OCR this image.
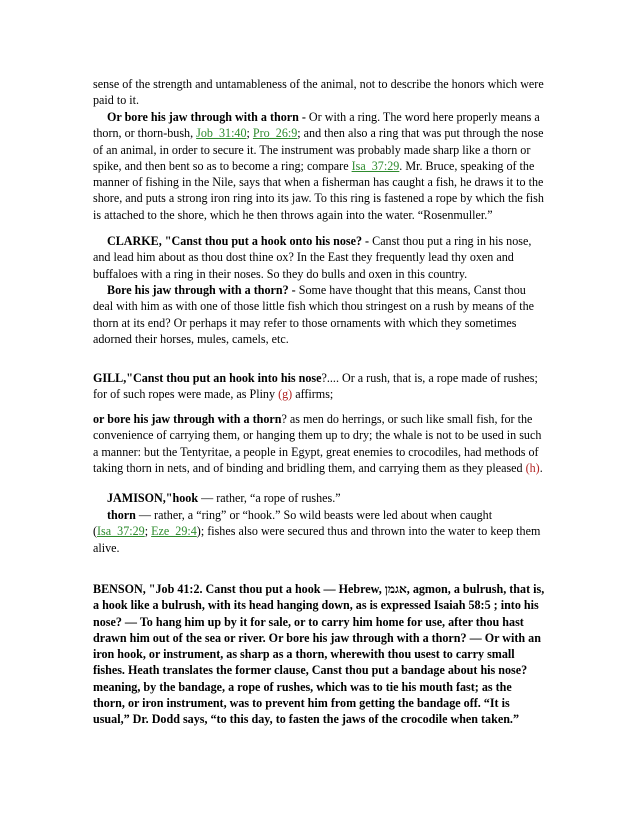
sense of the strength and untamableness of the animal, not to describe the honors which were paid to it.

Or bore his jaw through with a thorn - Or with a ring. The word here properly means a thorn, or thorn-bush, Job_31:40; Pro_26:9; and then also a ring that was put through the nose of an animal, in order to secure it. The instrument was probably made sharp like a thorn or spike, and then bent so as to become a ring; compare Isa_37:29. Mr. Bruce, speaking of the manner of fishing in the Nile, says that when a fisherman has caught a fish, he draws it to the shore, and puts a strong iron ring into its jaw. To this ring is fastened a rope by which the fish is attached to the shore, which he then throws again into the water. “Rosenmuller.”

CLARKE, "Canst thou put a hook onto his nose? - Canst thou put a ring in his nose, and lead him about as thou dost thine ox? In the East they frequently lead thy oxen and buffaloes with a ring in their noses. So they do bulls and oxen in this country.

Bore his jaw through with a thorn? - Some have thought that this means, Canst thou deal with him as with one of those little fish which thou stringest on a rush by means of the thorn at its end? Or perhaps it may refer to those ornaments with which they sometimes adorned their horses, mules, camels, etc.

GILL,"Canst thou put an hook into his nose?.... Or a rush, that is, a rope made of rushes; for of such ropes were made, as Pliny (g) affirms;

or bore his jaw through with a thorn? as men do herrings, or such like small fish, for the convenience of carrying them, or hanging them up to dry; the whale is not to be used in such a manner: but the Tentyritae, a people in Egypt, great enemies to crocodiles, had methods of taking thorn in nets, and of binding and bridling them, and carrying them as they pleased (h).

JAMISON,"hook — rather, “a rope of rushes.”

thorn — rather, a “ring” or “hook.” So wild beasts were led about when caught (Isa_37:29; Eze_29:4); fishes also were secured thus and thrown into the water to keep them alive.

BENSON, "Job 41:2. Canst thou put a hook — Hebrew, אגמן, agmon, a bulrush, that is, a hook like a bulrush, with its head hanging down, as is expressed Isaiah 58:5 ; into his nose? — To hang him up by it for sale, or to carry him home for use, after thou hast drawn him out of the sea or river. Or bore his jaw through with a thorn? — Or with an iron hook, or instrument, as sharp as a thorn, wherewith thou usest to carry small fishes. Heath translates the former clause, Canst thou put a bandage about his nose? meaning, by the bandage, a rope of rushes, which was to tie his mouth fast; as the thorn, or iron instrument, was to prevent him from getting the bandage off. “It is usual,” Dr. Dodd says, “to this day, to fasten the jaws of the crocodile when taken.”
